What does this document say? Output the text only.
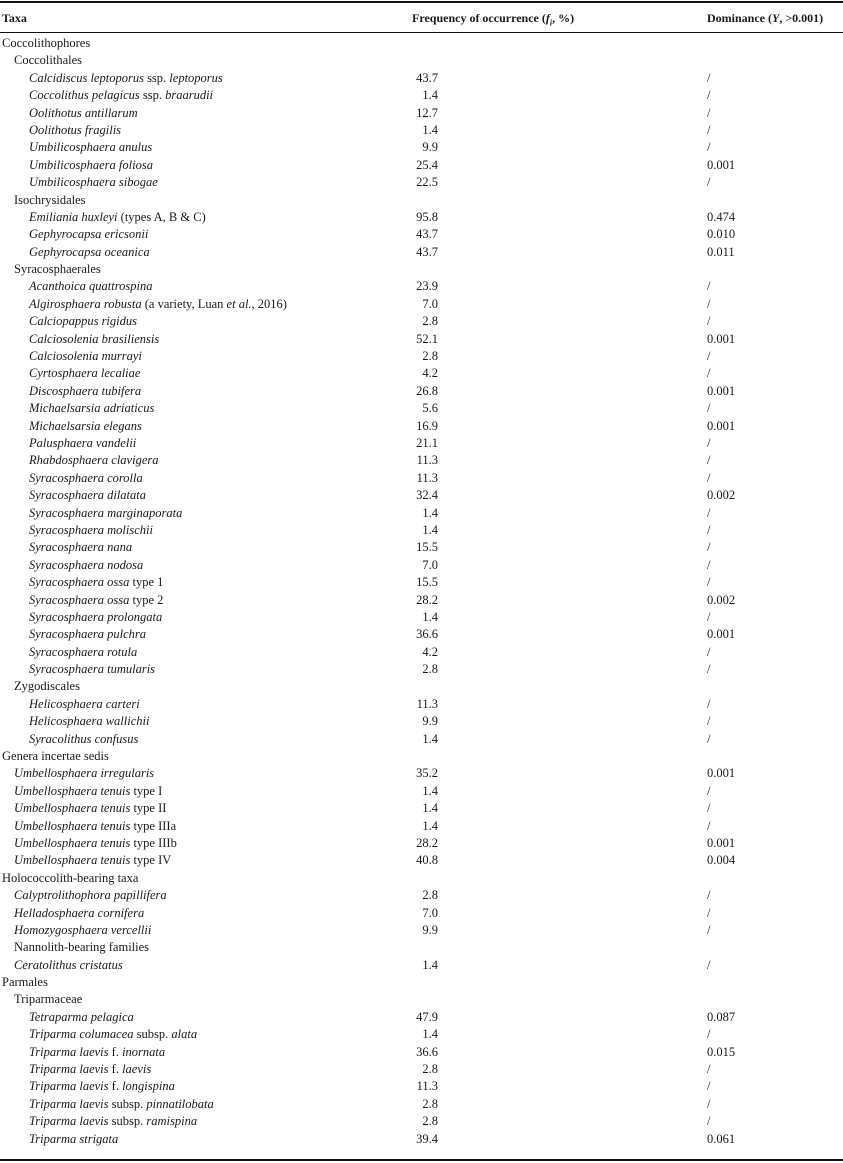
Taxa	Frequency of occurrence ($f_i$, %)	Dominance (Y, >0.001)
Coccolithophores
Coccolithales
Calcidiscus leptoporus ssp. leptoporus	43.7	/
Coccolithus pelagicus ssp. braarudii	1.4	/
Oolithotus antillarum	12.7	/
Oolithotus fragilis	1.4	/
Umbilicosphaera anulus	9.9	/
Umbilicosphaera foliosa	25.4	0.001
Umbilicosphaera sibogae	22.5	/
Isochrysidales
Emiliania huxleyi (types A, B & C)	95.8	0.474
Gephyrocapsa ericsonii	43.7	0.010
Gephyrocapsa oceanica	43.7	0.011
Syracosphaerales
Acanthoica quattrospina	23.9	/
Algirosphaera robusta (a variety, Luan et al., 2016)	7.0	/
Calciopappus rigidus	2.8	/
Calciosolenia brasiliensis	52.1	0.001
Calciosolenia murrayi	2.8	/
Cyrtosphaera lecaliae	4.2	/
Discosphaera tubifera	26.8	0.001
Michaelsarsia adriaticus	5.6	/
Michaelsarsia elegans	16.9	0.001
Palusphaera vandelii	21.1	/
Rhabdosphaera clavigera	11.3	/
Syracosphaera corolla	11.3	/
Syracosphaera dilatata	32.4	0.002
Syracosphaera marginaporata	1.4	/
Syracosphaera molischii	1.4	/
Syracosphaera nana	15.5	/
Syracosphaera nodosa	7.0	/
Syracosphaera ossa type 1	15.5	/
Syracosphaera ossa type 2	28.2	0.002
Syracosphaera prolongata	1.4	/
Syracosphaera pulchra	36.6	0.001
Syracosphaera rotula	4.2	/
Syracosphaera tumularis	2.8	/
Zygodiscales
Helicosphaera carteri	11.3	/
Helicosphaera wallichii	9.9	/
Syracolithus confusus	1.4	/
Genera incertae sedis
Umbellosphaera irregularis	35.2	0.001
Umbellosphaera tenuis type I	1.4	/
Umbellosphaera tenuis type II	1.4	/
Umbellosphaera tenuis type IIIa	1.4	/
Umbellosphaera tenuis type IIIb	28.2	0.001
Umbellosphaera tenuis type IV	40.8	0.004
Holococcolith-bearing taxa
Calyptrolithophora papillifera	2.8	/
Helladosphaera cornifera	7.0	/
Homozygosphaera vercellii	9.9	/
Nannolith-bearing families
Ceratolithus cristatus	1.4	/
Parmales
Triparmaceae
Tetraparma pelagica	47.9	0.087
Triparma columacea subsp. alata	1.4	/
Triparma laevis f. inornata	36.6	0.015
Triparma laevis f. laevis	2.8	/
Triparma laevis f. longispina	11.3	/
Triparma laevis subsp. pinnatilobata	2.8	/
Triparma laevis subsp. ramispina	2.8	/
Triparma strigata	39.4	0.061
